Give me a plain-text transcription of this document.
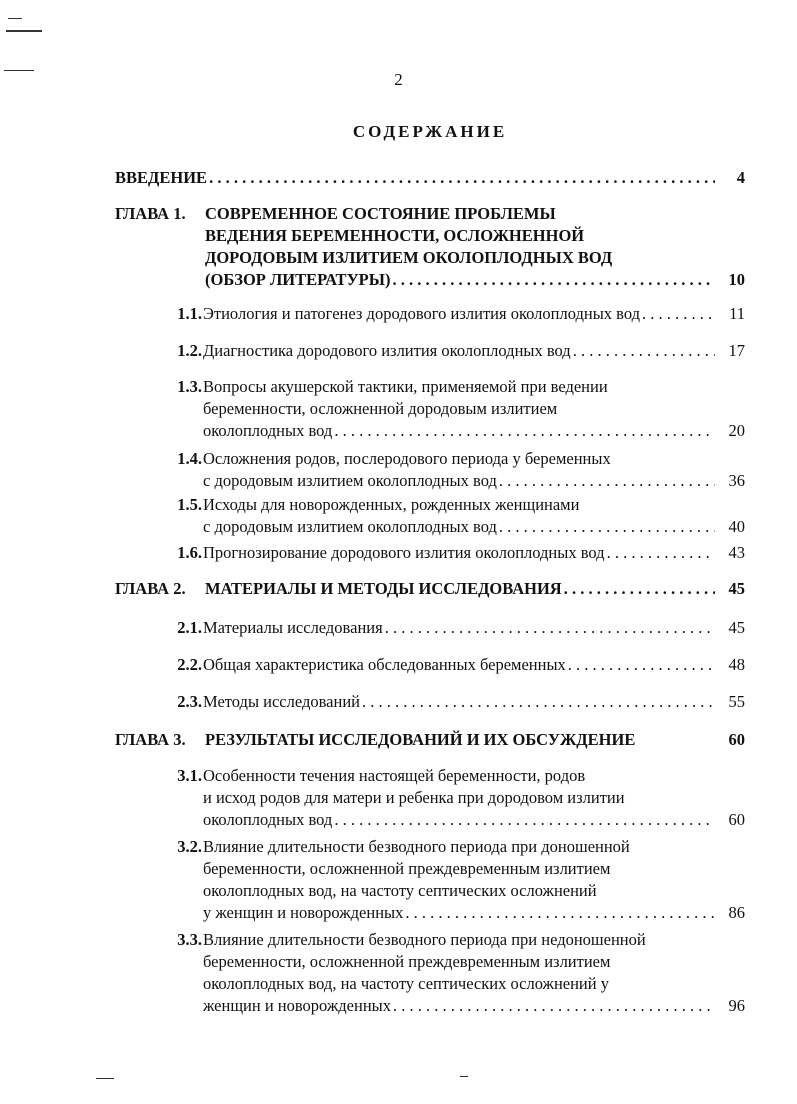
2
СОДЕРЖАНИЕ
ВВЕДЕНИЕ . . .	4
ГЛАВА 1.	СОВРЕМЕННОЕ СОСТОЯНИЕ ПРОБЛЕМЫ
ВЕДЕНИЯ БЕРЕМЕННОСТИ, ОСЛОЖНЕННОЙ
ДОРОДОВЫМ ИЗЛИТИЕМ ОКОЛОПЛОДНЫХ ВОД
(ОБЗОР ЛИТЕРАТУРЫ) . . .	10
1.1. Этиология и патогенез дородового излития околоплодных вод . . .	11
1.2. Диагностика дородового излития околоплодных вод . . .	17
1.3. Вопросы акушерской тактики, применяемой при ведении
беременности, осложненной дородовым излитием
околоплодных вод . . .	20
1.4. Осложнения родов, послеродового периода у беременных
с дородовым излитием околоплодных вод . . .	36
1.5. Исходы для новорожденных, рожденных женщинами
с дородовым излитием околоплодных вод . . .	40
1.6. Прогнозирование дородового излития околоплодных вод . . .	43
ГЛАВА 2.	МАТЕРИАЛЫ И МЕТОДЫ ИССЛЕДОВАНИЯ . . .	45
2.1. Материалы исследования . . .	45
2.2. Общая характеристика обследованных беременных . . .	48
2.3. Методы исследований . . .	55
ГЛАВА 3.	РЕЗУЛЬТАТЫ ИССЛЕДОВАНИЙ И ИХ ОБСУЖДЕНИЕ	60
3.1. Особенности течения настоящей беременности, родов
и исход родов для матери и ребенка при дородовом излитии
околоплодных вод . . .	60
3.2. Влияние длительности безводного периода при доношенной
беременности, осложненной преждевременным излитием
околоплодных вод, на частоту септических осложнений
у женщин и новорожденных . . .	86
3.3. Влияние длительности безводного периода при недоношенной
беременности, осложненной преждевременным излитием
околоплодных вод, на частоту септических осложнений у
женщин и новорожденных . . .	96
